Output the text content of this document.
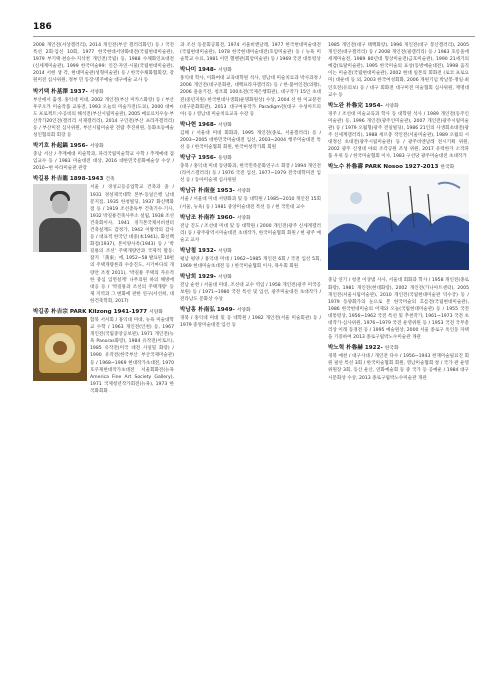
186

2008 개인전(서상갤러리), 2014 개인전(부산 갤러리화인) 등 / 국전 특선 2회·입선 10회, 1977 한국현대서양화대전(국립현대미술관), 1979 부기택·천승수·지석천 개인전(국립) 등, 1988 수채화인프대전(신세계미술관), 1999 한국미술99: 인간·자연·시물(국립현대미술관), 2014 서현 생 각, 현대미술관(성형미술관) 등 / 한국수채화협회장, 강원미전 심사위원, 정부 민 동장·명주예술 대구에술 교사 등

박기택 朴基澤 1937- 서양화

부산에서 출생. 홍익대 미대, 2002 개인전(부산 미카스화랑) 등 / 부산 후쿠오카 미술작품 교류전, 1993 오늘의 미술가전(도쿄), 2000 대마도 프로젝트:수공비의 해석전(부산시립미술관), 2005 매료료치우승·부산작가20인전(갤러리 서제갤러리), 2014 구인전(부산 프라자갤러리) 등 / 부산미전 심사위원, 부산시립미술관 전람 추진위원, 동화초등예술성인협의회 회장 등

박기호 朴起鎬 1956- 서양화

충남 서산 / 추계예대 미술학과, 파리국립미술학교 수학 / 추계예대 겸임교수 등 / 1983 미술대전 대상, 2016 대한민국문화예술상 수상 / 2010~현 아라미술관 관장

박길룡 朴吉龍 1898-1943 건축

서울 / 경성고등공업학교 건축과 졸 / 1931 경성제국대학 본부·동일은행 남대문지점, 1935 한청빌딩, 1937 화신백화점 등 / 1919 조선총독부 건축기수·기사, 1932 박길룡건축사무소 설립, 1938 조선건축회이사, 1941 경기본국제서비센터 건축설계도 감정가, 1942 이왕작의 감사 등 / 대표적 한국인 대중(本1941), 화신백화점(1937), 본이양사옥(1943) 등 / '박길룡의 조선' 주택개량안과 국제적 활동: 잡지 「黃東」에, 1952~58 발표된 10편의 주택개량론과 수송진도, 시기마다의 개량안 조정 2011), '박길룡 주택의 자유적한 중심 입면설계' 나무의원 하의 해방에 대응 등 / '박길룡과 조선의 주택개량' 등 제 지역과 그 변화에 관한 연구(서선희, 대한건축학회, 2017)

박길종 朴吉宗 PARK Kilzong 1941-1977 서양화

함북 서서회 / 홍익대 미대, 뉴욕 미술대학교 수학 / 1963 개인전(인천) 등, 1967 개인전(국립중앙공보관), 1971 개인전(뉴욕 Panoras화랑), 1984 유작전(이토르), 1985 유작전(미국 대전 사일밀 화랑) / 1990 유작전(한국부산 부산국제미술관) 등 / 1968~1969 현대작가초대전, 1970 호쿠제현대작가초대전 서울회화전(뉴욕 America Fine Art Society Gallery), 1971 국제청년작가회전(뉴욕), 1973 한국화회화 .

과 조선 동문회공회전, 1974 서울비엔날레, 1977 한국현대미술대전(국립현대미술관), 1978 한국현대미술대전(호암미술관) 등 / 뉴욕 미술학교 수료, 1981 이민 헬렌관(회암미술관) 등 / 1969 국전 대통령상

박나미 1948- 서양화

홍익대 학사, 이화여대 교육대학원 석사, 영남대 미술치료과 박사과정 / 2006 개인전(대구문화관, 대백프라자갤러리) 등 / 한·불여인전(의왕), 2006 올솔기전, 청조회 100초전(국제은행회관), 대구작가 15인 초대전(중년지원) 한국현대사생회(운명화원상) 수상, 2004 선 한 이교분전(대구문화회관), 2013 대구여류작가 Paradigm전(대구 수성아트피아) 등 / 영남대 미술치료교육 수강 등

박나현 1968- 서양화

김해 / 서울대 미대 회화과, 1995 개인전(종로, 서울갤러리) 등 / 2003~2005 대한민국미술대전 입선, 2003~2004 행주미술대전 특선 등 / 한국미술협회 회원, 한국여성작가회 회원

박남구 1956- 동양화

충북 / 홍익대 미대 동양화과, 한국민족문화연구소 회장 / 1994 개인전(라이스갤러리) 등 / 1976 국전 입선, 1977~1979 전국대학미전 입선 등 / 동아미술제 심사위원

박남규 朴南奎 1953- 서양화

서울 / 서울대 미대 서양화과 및 동 대학원 / 1985~2010 개인전 15회(서울, 뉴욕) 등 / 1981 중앙미술대전 특선 등 / 현 국민대 교수

박남조 朴南祚 1960- 서양화

전남 진도 / 조선대 미대 및 동 대학원 / 2000 개인전(광주 신세계갤러리) 등 / 광주광역시미술대전 초대작가, 한국미술협회 회원 / 현 광주 예술고 교사

박남철 1932- 서양화

평남 평양 / 홍익대 미대 / 1962~1985 개인전 6회 / 국전 입선 5회, 1969 현대미술초대전 등 / 한국미술협회 이사, 목우회 회원

박남희 1929- 서양화

전남 순천 / 서울대 미대, 조선대 교수 역임 / 1958 개인전(광주 미국공보원) 등 / 1971~1980 국전 특선 및 입선, 광주미술대전 초대작가 / 전라남도 문화상 수상

박남홍 朴南弘 1949- 서양화

경북 / 홍익대 미대 및 동 대학원 / 1982 개인전(서울 미술회관) 등 / 1979 중앙미술대전 입선 등

1985 개인전(대구 태백화랑), 1996 개인전(대구 봉산갤러리), 2005 개인전(대구갤러리) 등 / 2008 개인전(필갤러리) 등 / 1983 호롱올에세계미술전, 1989 80년대 형상미술전(금호미술관), 1990 21세기의 예감(토탈미술관), 1995 한국미술의 표상(동방예술대전), 1998 움직이는 미술전(국립현대미술관), 2002 현대 일본의 회화전 (로코 프로요미) 대운데 등 외, 2003 한국여성회화, 2006 개편기념 박날봉·정일·최인호전(유의보) 등 / 대구 회화전 대구미전 미술협회 심사위원, 계명대 교수 등

박노완 朴魯完 1954- 서양화

경주 / 조선대 미술교육과 학사 동 대학원 석사 / 1989 개인전(동주인미술관) 등, 1996 개인전(광주인미술관), 2007 개인전(광주시립미술관) 등 / 1979 오월형(광주 전일빌딩), 1986 21인의 사생회초대전(광주 신세계갤러리), 1988 세르충 작인전(서울미술관), 1989 오월의 시대정신 초대전(광주시립미술관) 등 / 광주비엔날레 전시기획 위원, 2002 광주 신생대 야외 조각공원 조성 위원, 2017 유력한가 소작파 품 우위 등 / 한국미술협회 이사, 1983 구선당 광주미술대전 초대작가

박노수 朴魯壽 PARK Nosoo 1927-2013 한국화

충남 연기 / 청전 이상범 사사, 서울대 회화과 학사 / 1958 개인전(종로화랑), 1981 개인전(현대화랑), 2002 개인전(가나아트센터), 2005 개인전(서울시립미술관), 2010 개인전(국립현대미술관 덕수궁) 등 / 1979 동양화가의 눈으로 본 한국미술의 흐름전(국립현대미술관), 1986 한국현대미술의 어제와 오늘(국립현대미술관) 등 / 1955 국전 대통령상, 1956~1962 국전 특선 및 추천작가, 1961~1973 국전 초대작가·심사위원, 1976~1979 국전 운영위원 등 / 1953 국전 국무총리상 이래 동경전 등 / 1995 예술원상, 2000 서울 종로구 옥인동 자택을 기증하여 2013 종로구립박노수미술관 개관

박노혁 朴魯赫 1922- 한국화

경북 예천 / 대구사대 / 개인전 다수 / 1956~1943 천재미술필료진 회원 필선 특선 3회 / 한국미술협회 회원, 영남미술협회 창 / 국가 관 운영위원장 3회, 동산 운산, 연화예술회 등 중 국가 등 공예운 / 1984 대구시문화상 수상, 2013 종로구립박노수미술관 개관
